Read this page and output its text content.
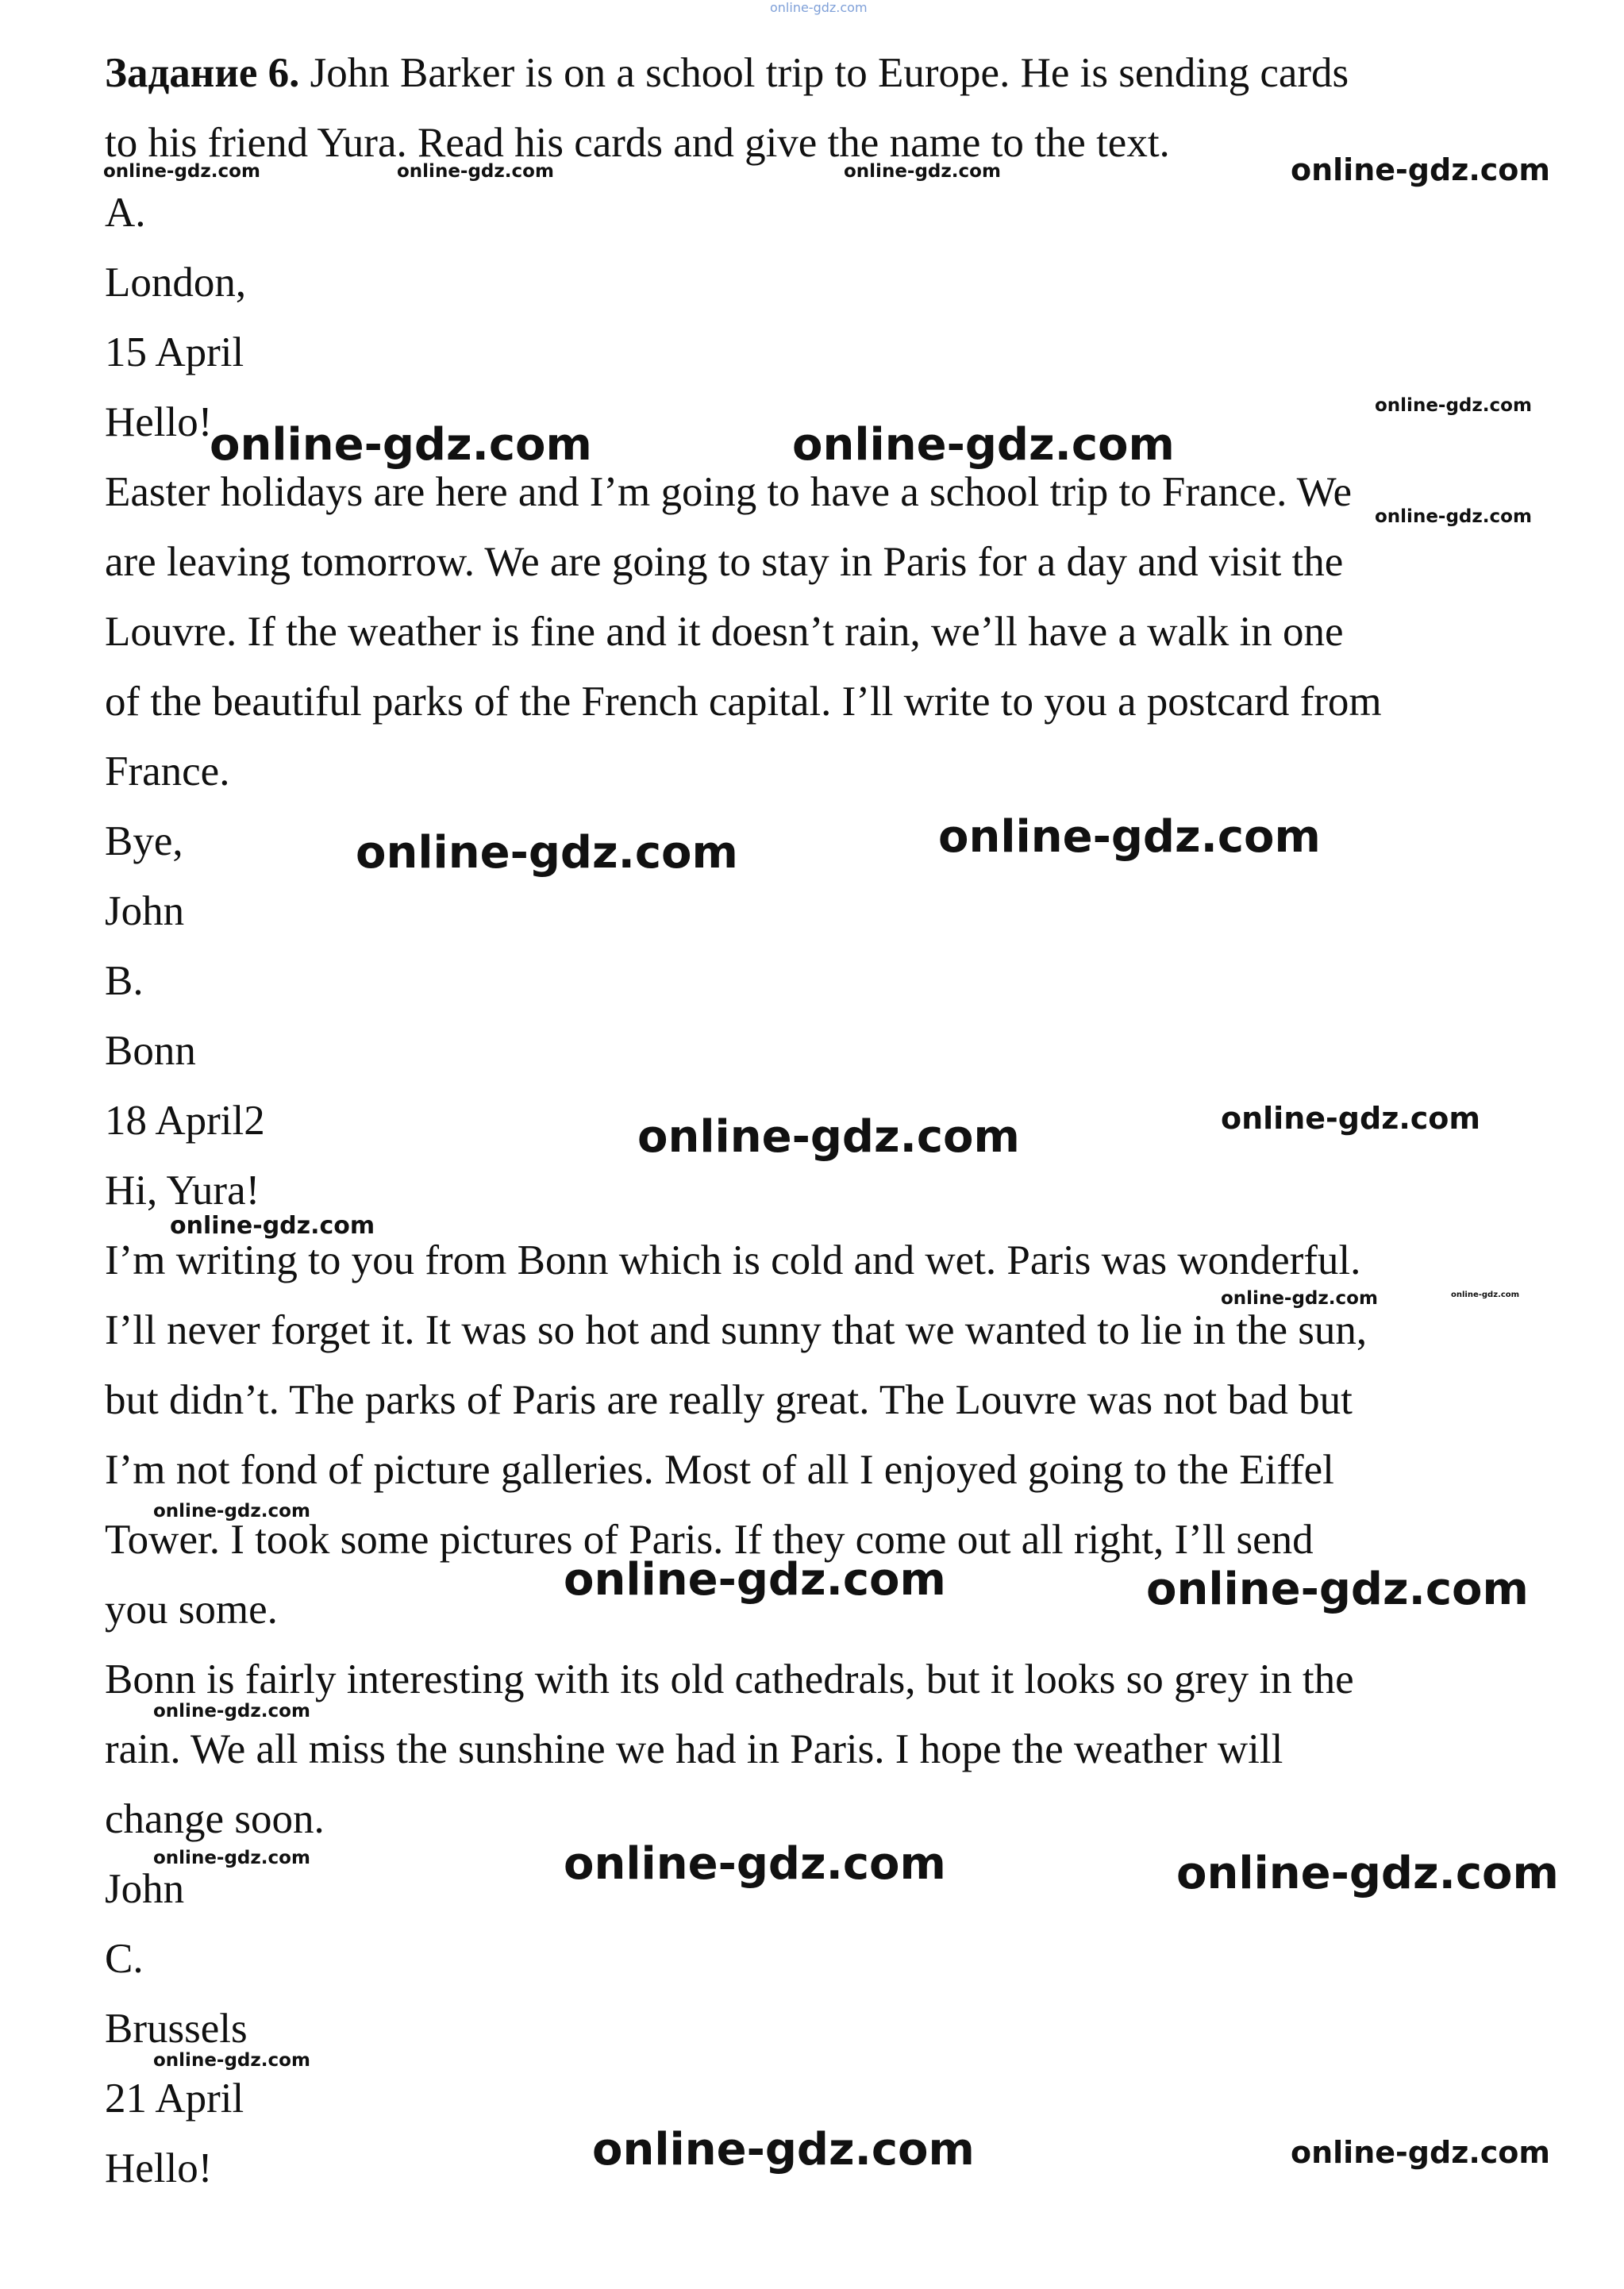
online-gdz.com

Задание 6. John Barker is on a school trip to Europe. He is sending cards

to his friend Yura. Read his cards and give the name to the text.

A.

London,

15 April

Hello!

Easter holidays are here and I’m going to have a school trip to France. We

are leaving tomorrow. We are going to stay in Paris for a day and visit the

Louvre. If the weather is fine and it doesn’t rain, we’ll have a walk in one

of the beautiful parks of the French capital. I’ll write to you a postcard from

France.

Bye,

John

B.

Bonn

18 April2

Hi, Yura!

I’m writing to you from Bonn which is cold and wet. Paris was wonderful.

I’ll never forget it. It was so hot and sunny that we wanted to lie in the sun,

but didn’t. The parks of Paris are really great. The Louvre was not bad but

I’m not fond of picture galleries. Most of all I enjoyed going to the Eiffel

Tower. I took some pictures of Paris. If they come out all right, I’ll send

you some.

Bonn is fairly interesting with its old cathedrals, but it looks so grey in the

rain. We all miss the sunshine we had in Paris. I hope the weather will

change soon.

John

C.

Brussels

21 April

Hello!

online-gdz.com	online-gdz.com	online-gdz.com	online-gdz.com
online-gdz.com
online-gdz.com	online-gdz.com
online-gdz.com
online-gdz.com	online-gdz.com
online-gdz.com
online-gdz.com
online-gdz.com
online-gdz.com	online-gdz.com
online-gdz.com
online-gdz.com	online-gdz.com
online-gdz.com
online-gdz.com	online-gdz.com	online-gdz.com
online-gdz.com
online-gdz.com	online-gdz.com
